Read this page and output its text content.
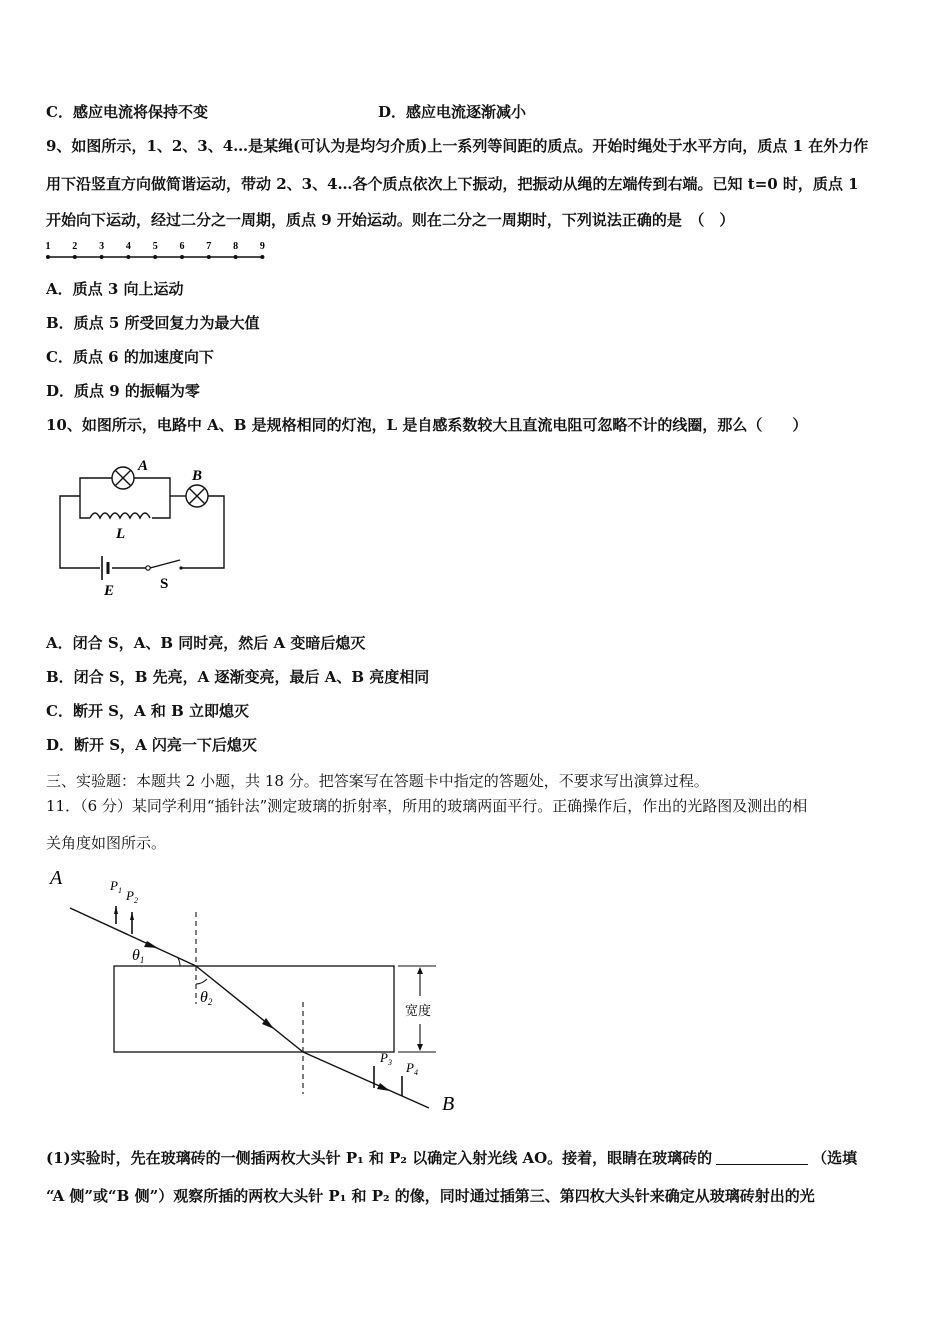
C．感应电流将保持不变	D．感应电流逐渐减小
9、如图所示，1、2、3、4…是某绳(可认为是均匀介质)上一系列等间距的质点。开始时绳处于水平方向，质点 1 在外力作
用下沿竖直方向做简谐运动，带动 2、3、4…各个质点依次上下振动，把振动从绳的左端传到右端。已知 t=0 时，质点 1
开始向下运动，经过二分之一周期，质点 9 开始运动。则在二分之一周期时，下列说法正确的是　（　）
1 2 3 4 5 6 7 8 9
A．质点 3 向上运动
B．质点 5 所受回复力为最大值
C．质点 6 的加速度向下
D．质点 9 的振幅为零
10、如图所示，电路中 A、B 是规格相同的灯泡，L 是自感系数较大且直流电阻可忽略不计的线圈，那么（　　）
A
B
L
E	S
A．闭合 S，A、B 同时亮，然后 A 变暗后熄灭
B．闭合 S，B 先亮，A 逐渐变亮，最后 A、B 亮度相同
C．断开 S，A 和 B 立即熄灭
D．断开 S，A 闪亮一下后熄灭
三、实验题：本题共 2 小题，共 18 分。把答案写在答题卡中指定的答题处，不要求写出演算过程。
11．（6 分）某同学利用“插针法”测定玻璃的折射率，所用的玻璃两面平行。正确操作后，作出的光路图及测出的相
关角度如图所示。
A
B
$P_1$ $P_2$
$P_3$ $P_4$
θ1
θ2
宽度
(1)实验时，先在玻璃砖的一侧插两枚大头针 P₁ 和 P₂ 以确定入射光线 AO。接着，眼睛在玻璃砖的	（选填
“A 侧”或“B 侧”）观察所插的两枚大头针 P₁ 和 P₂ 的像，同时通过插第三、第四枚大头针来确定从玻璃砖射出的光
